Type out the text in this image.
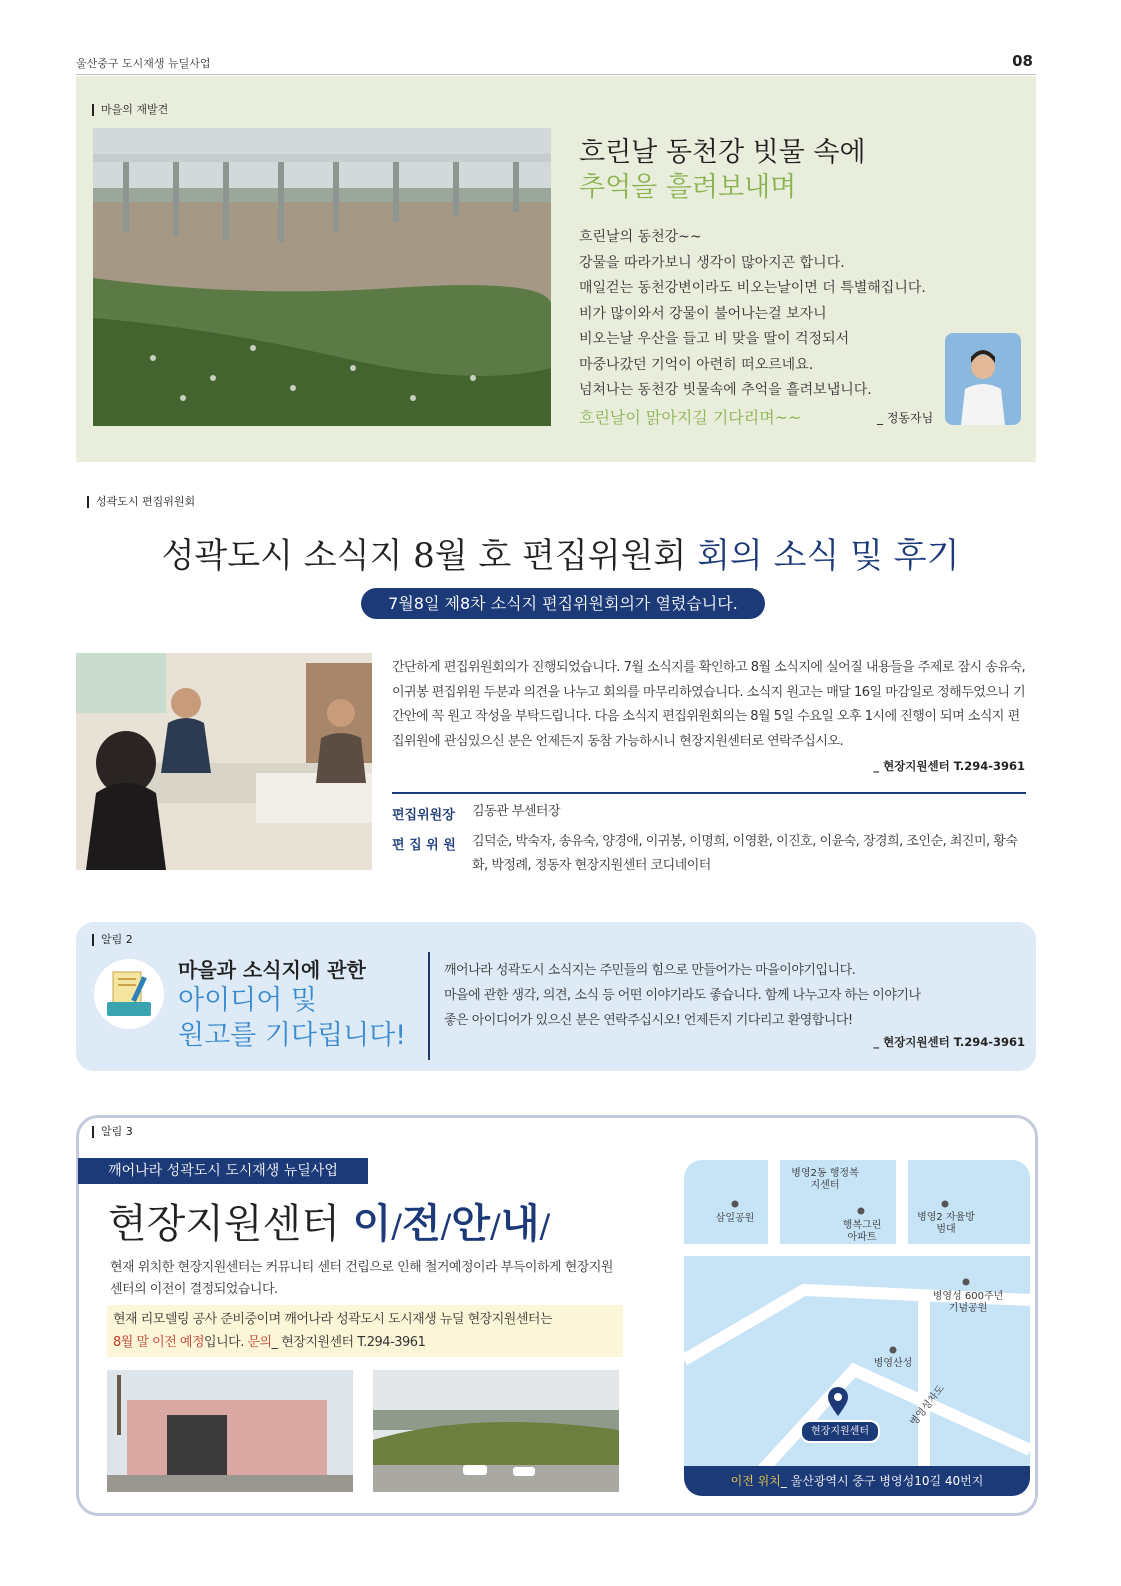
울산중구 도시재생 뉴딜사업	08
마을의 재발견
흐린날 동천강 빗물 속에
추억을 흘려보내며
흐린날의 동천강~~
강물을 따라가보니 생각이 많아지곤 합니다.
매일걷는 동천강변이라도 비오는날이면 더 특별해집니다.
비가 많이와서 강물이 불어나는걸 보자니
비오는날 우산을 들고 비 맞을 딸이 걱정되서
마중나갔던 기억이 아련히 떠오르네요.
넘쳐나는 동천강 빗물속에 추억을 흘려보냅니다.
흐린날이 맑아지길 기다리며~~	_ 정동자님
성곽도시 편집위원회
성곽도시 소식지 8월 호 편집위원회 회의 소식 및 후기
7월8일 제8차 소식지 편집위원회의가 열렸습니다.
간단하게 편집위원회의가 진행되었습니다. 7월 소식지를 확인하고 8월 소식지에 실어질 내용들을 주제로 잠시 송유숙, 이귀봉 편집위원 두분과 의견을 나누고 회의를 마무리하였습니다. 소식지 원고는 매달 16일 마감일로 정해두었으니 기간안에 꼭 원고 작성을 부탁드립니다. 다음 소식지 편집위원회의는 8월 5일 수요일 오후 1시에 진행이 되며 소식지 편집위원에 관심있으신 분은 언제든지 동참 가능하시니 현장지원센터로 연락주십시오.
_ 현장지원센터 T.294-3961
편집위원장 김동관 부센터장
편 집 위 원 김덕순, 박숙자, 송유숙, 양경애, 이귀봉, 이명희, 이영환, 이진호, 이윤숙, 장경희, 조인순, 최진미, 황숙화, 박정례, 정동자 현장지원센터 코디네이터
알림 2
마을과 소식지에 관한
아이디어 및
원고를 기다립니다!
깨어나라 성곽도시 소식지는 주민들의 힘으로 만들어가는 마을이야기입니다.
마을에 관한 생각, 의견, 소식 등 어떤 이야기라도 좋습니다. 함께 나누고자 하는 이야기나
좋은 아이디어가 있으신 분은 연락주십시오! 언제든지 기다리고 환영합니다!
_ 현장지원센터 T.294-3961
알림 3
깨어나라 성곽도시 도시재생 뉴딜사업
현장지원센터 이/전/안/내/
현재 위치한 현장지원센터는 커뮤니티 센터 건립으로 인해 철거예정이라 부득이하게 현장지원센터의 이전이 결정되었습니다.
현재 리모델링 공사 준비중이며 깨어나라 성곽도시 도시재생 뉴딜 현장지원센터는
8월 말 이전 예정입니다. 문의_ 현장지원센터 T.294-3961
삼일공원
병영2동 행정복지센터
행복그린 아파트
병영2 자율방범대
병영성 600주년 기념공원
병영산성
병영성차도
현장지원센터
이전 위치_ 울산광역시 중구 병영성10길 40번지
